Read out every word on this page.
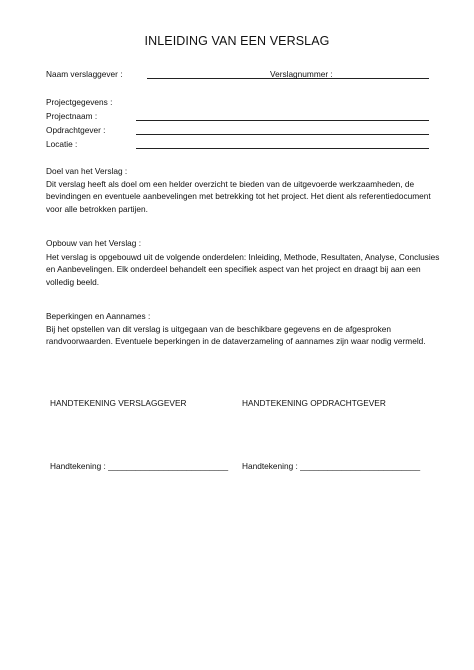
INLEIDING VAN EEN VERSLAG
Naam verslaggever :	Verslagnummer :
Projectgegevens :
Projectnaam :
Opdrachtgever :
Locatie :
Doel van het Verslag :
Dit verslag heeft als doel om een helder overzicht te bieden van de uitgevoerde werkzaamheden, de
bevindingen en eventuele aanbevelingen met betrekking tot het project. Het dient als referentiedocument
voor alle betrokken partijen.
Opbouw van het Verslag :
Het verslag is opgebouwd uit de volgende onderdelen: Inleiding, Methode, Resultaten, Analyse, Conclusies
en Aanbevelingen. Elk onderdeel behandelt een specifiek aspect van het project en draagt bij aan een
volledig beeld.
Beperkingen en Aannames :
Bij het opstellen van dit verslag is uitgegaan van de beschikbare gegevens en de afgesproken
randvoorwaarden. Eventuele beperkingen in de dataverzameling of aannames zijn waar nodig vermeld.
HANDTEKENING VERSLAGGEVER	HANDTEKENING OPDRACHTGEVER
Handtekening : __________________________ Handtekening : __________________________
